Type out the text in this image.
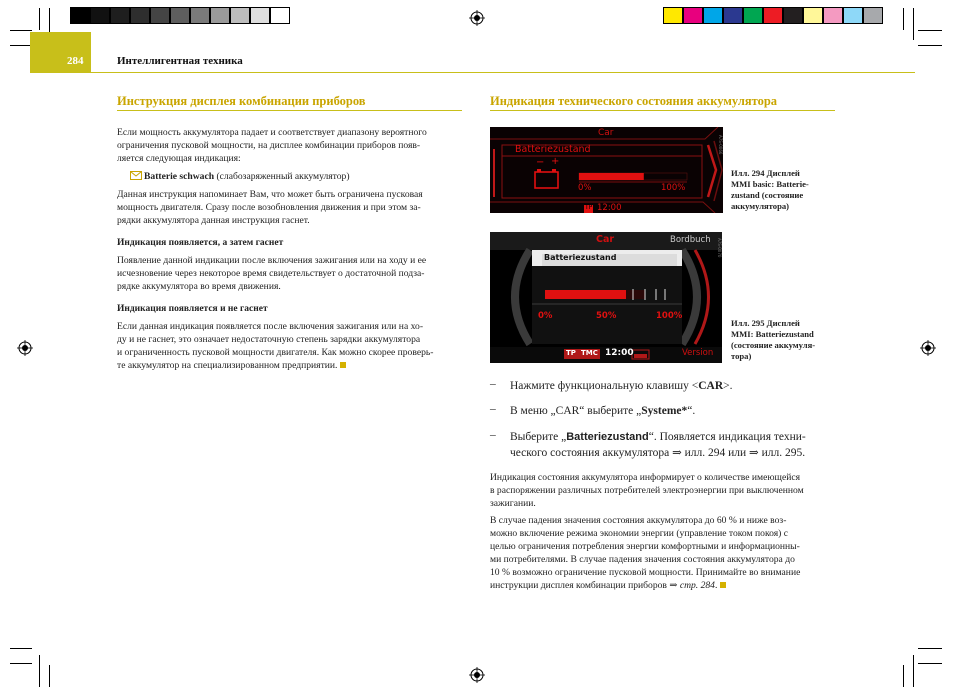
284	Интеллигентная техника
Инструкция дисплея комбинации приборов
Если мощность аккумулятора падает и соответствует диапазону вероятного
ограничения пусковой мощности, на дисплее комбинации приборов появ-
ляется следующая индикация:
Batterie schwach (слабозаряженный аккумулятор)
Данная инструкция напоминает Вам, что может быть ограничена пусковая
мощность двигателя. Сразу после возобновления движения и при этом за-
рядки аккумулятора данная инструкция гаснет.
Индикация появляется, а затем гаснет
Появление данной индикации после включения зажигания или на ходу и ее
исчезновение через некоторое время свидетельствует о достаточной подза-
рядке аккумулятора во время движения.
Индикация появляется и не гаснет
Если данная индикация появляется после включения зажигания или на хо-
ду и не гаснет, это означает недостаточную степень зарядки аккумулятора
и ограниченность пусковой мощности двигателя. Как можно скорее проверь-
те аккумулятор на специализированном предприятии.
Индикация технического состояния аккумулятора
Car
Batteriezustand
− +
0%	100%
TP 12:00
A7S-0066
Илл. 294 Дисплей
MMI basic: Batterie-
zustand (состояние
аккумулятора)
Car	Bordbuch
Batteriezustand
0%	50%	100%
TP TMC 12:00	Version
A7S-0070
Илл. 295 Дисплей
MMI: Batteriezustand
(состояние аккумуля-
тора)
– Нажмите функциональную клавишу <CAR>.
– В меню „CAR“ выберите „Systeme*“.
– Выберите „Batteriezustand“. Появляется индикация техни-
ческого состояния аккумулятора ⇒ илл. 294 или ⇒ илл. 295.
Индикация состояния аккумулятора информирует о количестве имеющейся
в распоряжении различных потребителей электроэнергии при выключенном
зажигании.
В случае падения значения состояния аккумулятора до 60 % и ниже воз-
можно включение режима экономии энергии (управление током покоя) с
целью ограничения потребления энергии комфортными и информационны-
ми потребителями. В случае падения значения состояния аккумулятора до
10 % возможно ограничение пусковой мощности. Принимайте во внимание
инструкции дисплея комбинации приборов ⇒ стр. 284.
